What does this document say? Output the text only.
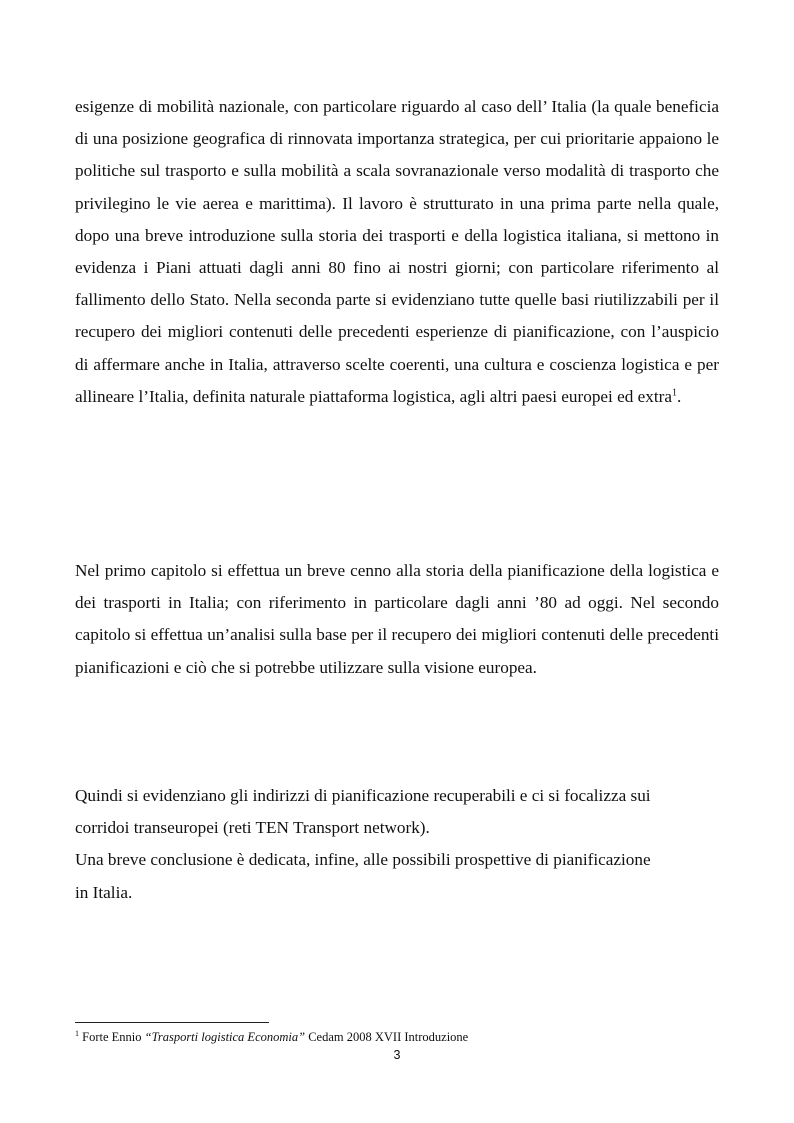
esigenze di mobilità nazionale, con particolare riguardo al caso dell’ Italia (la quale beneficia di una posizione geografica di rinnovata importanza strategica, per cui prioritarie appaiono le politiche sul trasporto e sulla mobilità a scala sovranazionale verso modalità di trasporto che privilegino le vie aerea e marittima). Il lavoro è strutturato in una prima parte nella quale, dopo una breve introduzione sulla storia dei trasporti e della logistica italiana, si mettono in evidenza i Piani attuati dagli anni 80 fino ai nostri giorni; con particolare riferimento al fallimento dello Stato. Nella seconda parte si evidenziano tutte quelle basi riutilizzabili per il recupero dei migliori contenuti delle precedenti esperienze di pianificazione, con l’auspicio di affermare anche in Italia, attraverso scelte coerenti, una cultura e coscienza logistica e per allineare l’Italia, definita naturale piattaforma logistica, agli altri paesi europei ed extra$^1$.

Nel primo capitolo si effettua un breve cenno alla storia della pianificazione della logistica e dei trasporti in Italia; con riferimento in particolare dagli anni ’80 ad oggi. Nel secondo capitolo si effettua un’analisi sulla base per il recupero dei migliori contenuti delle precedenti pianificazioni e ciò che si potrebbe utilizzare sulla visione europea.

Quindi si evidenziano gli indirizzi di pianificazione recuperabili e ci si focalizza sui
corridoi transeuropei (reti TEN Transport network).
Una breve conclusione è dedicata, infine, alle possibili prospettive di pianificazione
in Italia.

$^1$ Forte Ennio “Trasporti logistica Economia” Cedam 2008 XVII Introduzione

3
